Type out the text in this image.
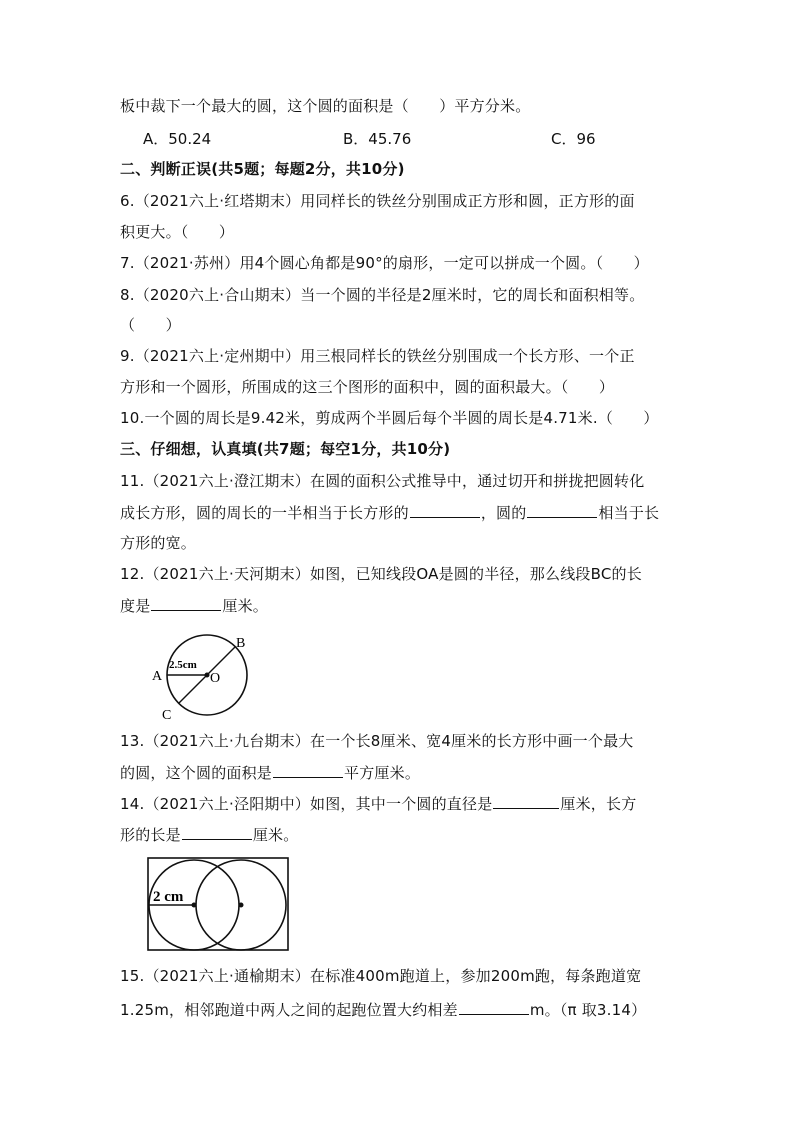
板中裁下一个最大的圆，这个圆的面积是（　　）平方分米。
A．50.24	B．45.76	C．96
二、判断正误(共5题；每题2分，共10分)
6.（2021六上·红塔期末）用同样长的铁丝分别围成正方形和圆，正方形的面
积更大。（　　）
7.（2021·苏州）用4个圆心角都是90°的扇形，一定可以拼成一个圆。（　　）
8.（2020六上·合山期末）当一个圆的半径是2厘米时，它的周长和面积相等。
（　　）
9.（2021六上·定州期中）用三根同样长的铁丝分别围成一个长方形、一个正
方形和一个圆形，所围成的这三个图形的面积中，圆的面积最大。（　　）
10.一个圆的周长是9.42米，剪成两个半圆后每个半圆的周长是4.71米.（　　）
三、仔细想，认真填(共7题；每空1分，共10分)
11.（2021六上·澄江期末）在圆的面积公式推导中，通过切开和拼拢把圆转化
成长方形，圆的周长的一半相当于长方形的	，圆的	相当于长
方形的宽。
12.（2021六上·天河期末）如图，已知线段OA是圆的半径，那么线段BC的长
度是	厘米。
2.5cm
A
B
C
O
13.（2021六上·九台期末）在一个长8厘米、宽4厘米的长方形中画一个最大
的圆，这个圆的面积是	平方厘米。
14.（2021六上·泾阳期中）如图，其中一个圆的直径是	厘米，长方
形的长是	厘米。
2 cm
15.（2021六上·通榆期末）在标准400m跑道上，参加200m跑，每条跑道宽
1.25m，相邻跑道中两人之间的起跑位置大约相差	m。（π 取3.14）
